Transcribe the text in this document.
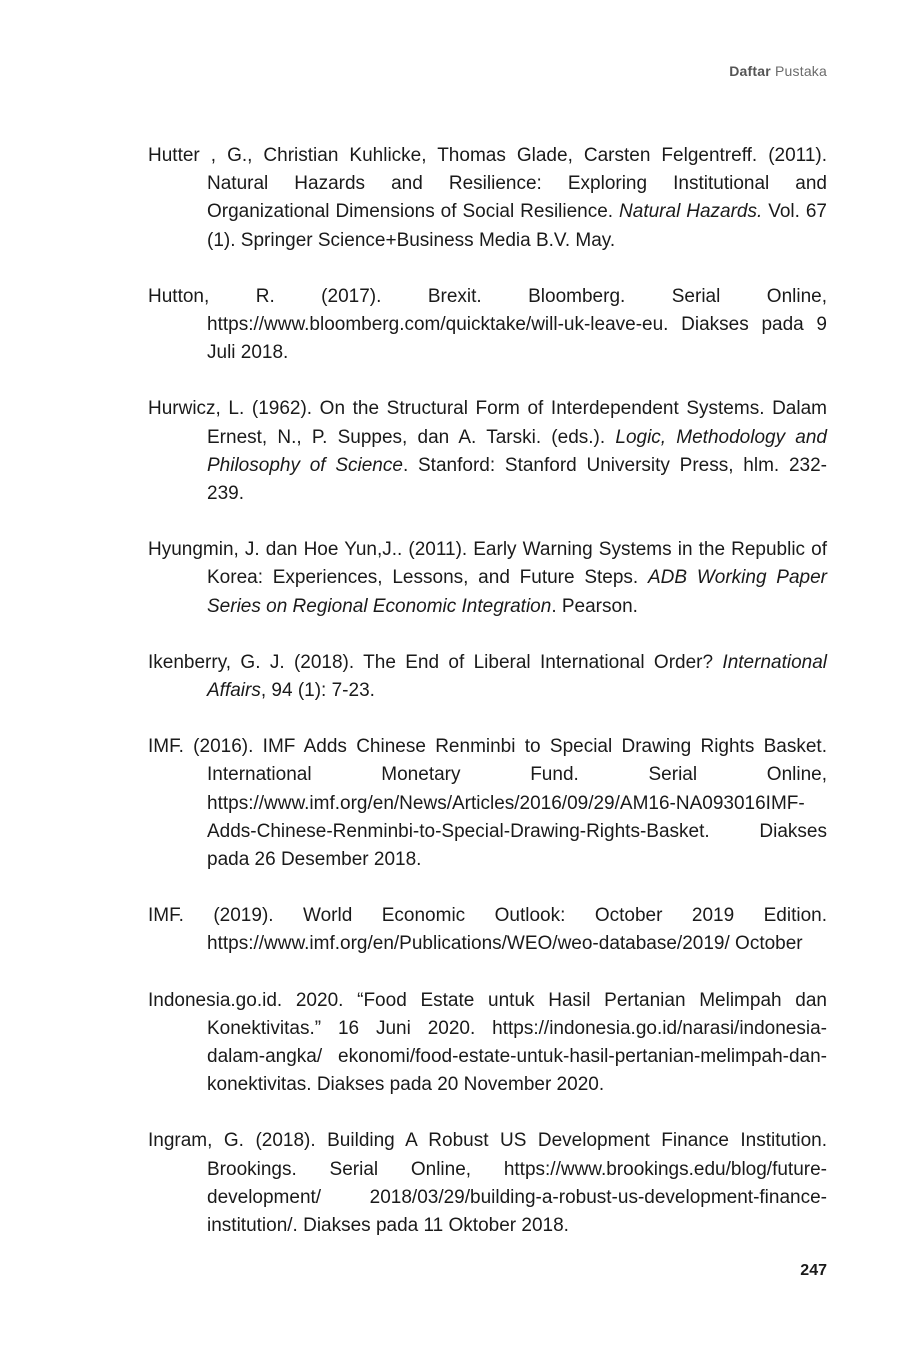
Daftar Pustaka

Hutter , G., Christian Kuhlicke, Thomas Glade, Carsten Felgentreff. (2011). Natural Hazards and Resilience: Exploring Institutional and Organizational Dimensions of Social Resilience. Natural Hazards. Vol. 67 (1). Springer Science+Business Media B.V. May.

Hutton, R. (2017). Brexit. Bloomberg. Serial Online, https://www.bloomberg.com/quicktake/will-uk-leave-eu. Diakses pada 9 Juli 2018.

Hurwicz, L. (1962). On the Structural Form of Interdependent Systems. Dalam Ernest, N., P. Suppes, dan A. Tarski. (eds.). Logic, Methodology and Philosophy of Science. Stanford: Stanford University Press, hlm. 232-239.

Hyungmin, J. dan Hoe Yun,J.. (2011). Early Warning Systems in the Republic of Korea: Experiences, Lessons, and Future Steps. ADB Working Paper Series on Regional Economic Integration. Pearson.

Ikenberry, G. J. (2018). The End of Liberal International Order? International Affairs, 94 (1): 7-23.

IMF. (2016). IMF Adds Chinese Renminbi to Special Drawing Rights Basket. International Monetary Fund. Serial Online, https://www.imf.org/en/News/Articles/2016/09/29/AM16-NA093016IMF-Adds-Chinese-Renminbi-to-Special-Drawing-Rights-Basket. Diakses pada 26 Desember 2018.

IMF. (2019). World Economic Outlook: October 2019 Edition. https://www.imf.org/en/Publications/WEO/weo-database/2019/ October

Indonesia.go.id. 2020. “Food Estate untuk Hasil Pertanian Melimpah dan Konektivitas.” 16 Juni 2020. https://indonesia.go.id/narasi/indonesia-dalam-angka/ ekonomi/food-estate-untuk-hasil-pertanian-melimpah-dan-konektivitas. Diakses pada 20 November 2020.

Ingram, G. (2018). Building A Robust US Development Finance Institution. Brookings. Serial Online, https://www.brookings.edu/blog/future-development/ 2018/03/29/building-a-robust-us-development-finance-institution/. Diakses pada 11 Oktober 2018.

247
